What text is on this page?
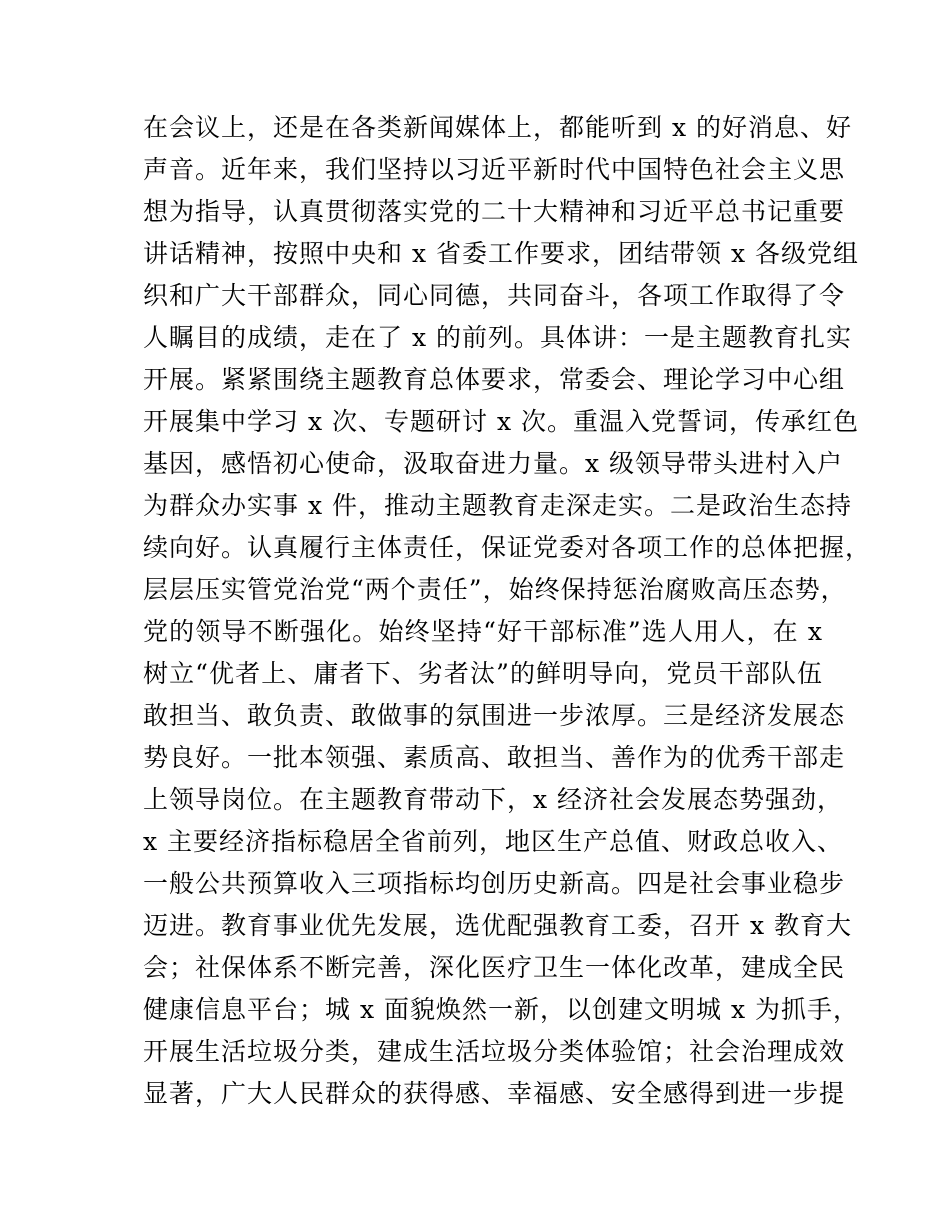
在会议上，还是在各类新闻媒体上，都能听到 x 的好消息、好
声音。近年来，我们坚持以习近平新时代中国特色社会主义思
想为指导，认真贯彻落实党的二十大精神和习近平总书记重要
讲话精神，按照中央和 x 省委工作要求，团结带领 x 各级党组
织和广大干部群众，同心同德，共同奋斗，各项工作取得了令
人瞩目的成绩，走在了 x 的前列。具体讲：一是主题教育扎实
开展。紧紧围绕主题教育总体要求，常委会、理论学习中心组
开展集中学习 x 次、专题研讨 x 次。重温入党誓词，传承红色
基因，感悟初心使命，汲取奋进力量。x 级领导带头进村入户
为群众办实事 x 件，推动主题教育走深走实。二是政治生态持
续向好。认真履行主体责任，保证党委对各项工作的总体把握，
层层压实管党治党“两个责任”，始终保持惩治腐败高压态势，
党的领导不断强化。始终坚持“好干部标准”选人用人，在 x
树立“优者上、庸者下、劣者汰”的鲜明导向，党员干部队伍
敢担当、敢负责、敢做事的氛围进一步浓厚。三是经济发展态
势良好。一批本领强、素质高、敢担当、善作为的优秀干部走
上领导岗位。在主题教育带动下，x 经济社会发展态势强劲，
x 主要经济指标稳居全省前列，地区生产总值、财政总收入、
一般公共预算收入三项指标均创历史新高。四是社会事业稳步
迈进。教育事业优先发展，选优配强教育工委，召开 x 教育大
会；社保体系不断完善，深化医疗卫生一体化改革，建成全民
健康信息平台；城 x 面貌焕然一新，以创建文明城 x 为抓手，
开展生活垃圾分类，建成生活垃圾分类体验馆；社会治理成效
显著，广大人民群众的获得感、幸福感、安全感得到进一步提
